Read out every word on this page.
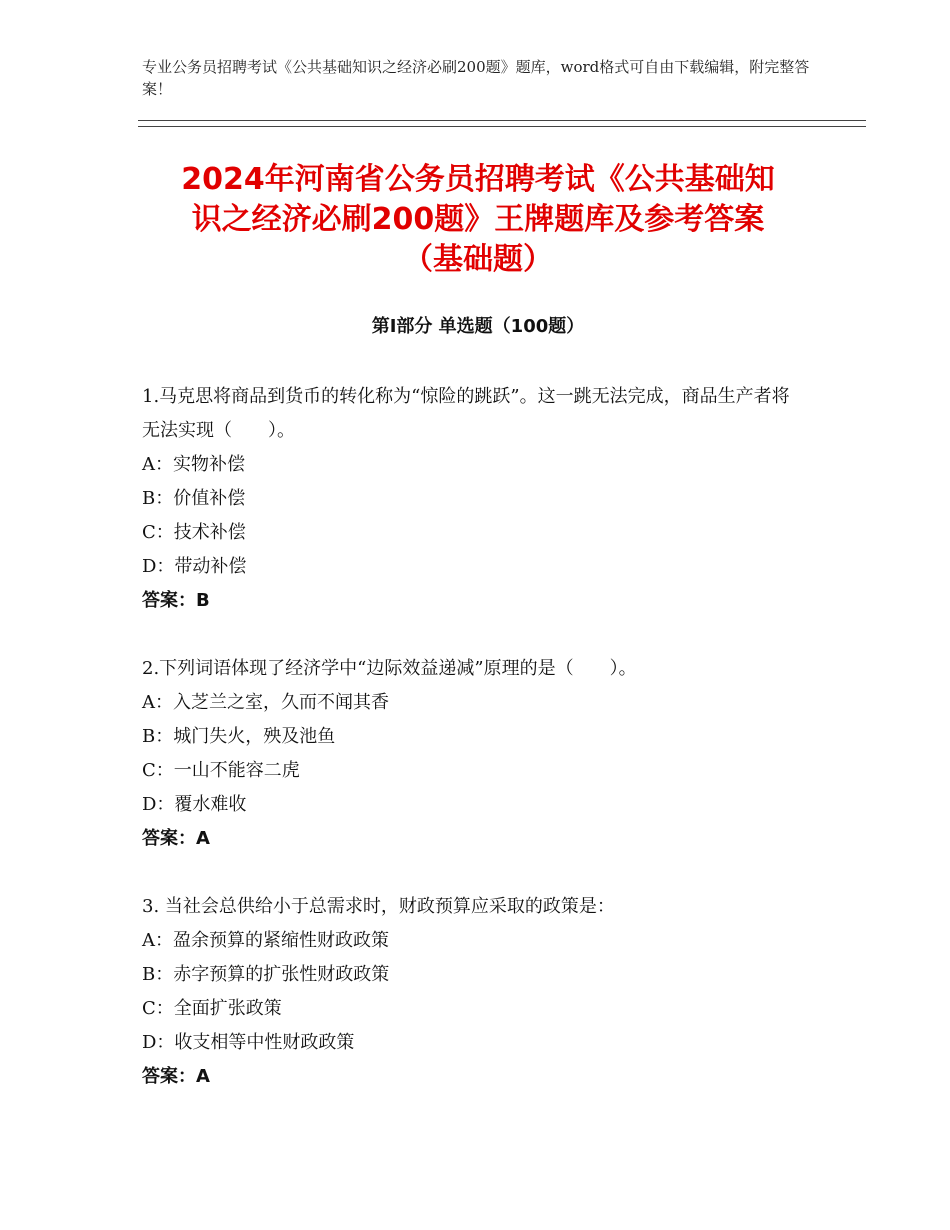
专业公务员招聘考试《公共基础知识之经济必刷200题》题库，word格式可自由下载编辑，附完整答案！
2024年河南省公务员招聘考试《公共基础知
识之经济必刷200题》王牌题库及参考答案
（基础题）
第Ⅰ部分 单选题（100题）
1.马克思将商品到货币的转化称为“惊险的跳跃”。这一跳无法完成，商品生产者将无法实现（　　）。
A：实物补偿
B：价值补偿
C：技术补偿
D：带动补偿
答案：B
2.下列词语体现了经济学中“边际效益递减”原理的是（　　）。
A：入芝兰之室，久而不闻其香
B：城门失火，殃及池鱼
C：一山不能容二虎
D：覆水难收
答案：A
3. 当社会总供给小于总需求时，财政预算应采取的政策是：
A：盈余预算的紧缩性财政政策
B：赤字预算的扩张性财政政策
C：全面扩张政策
D：收支相等中性财政政策
答案：A
